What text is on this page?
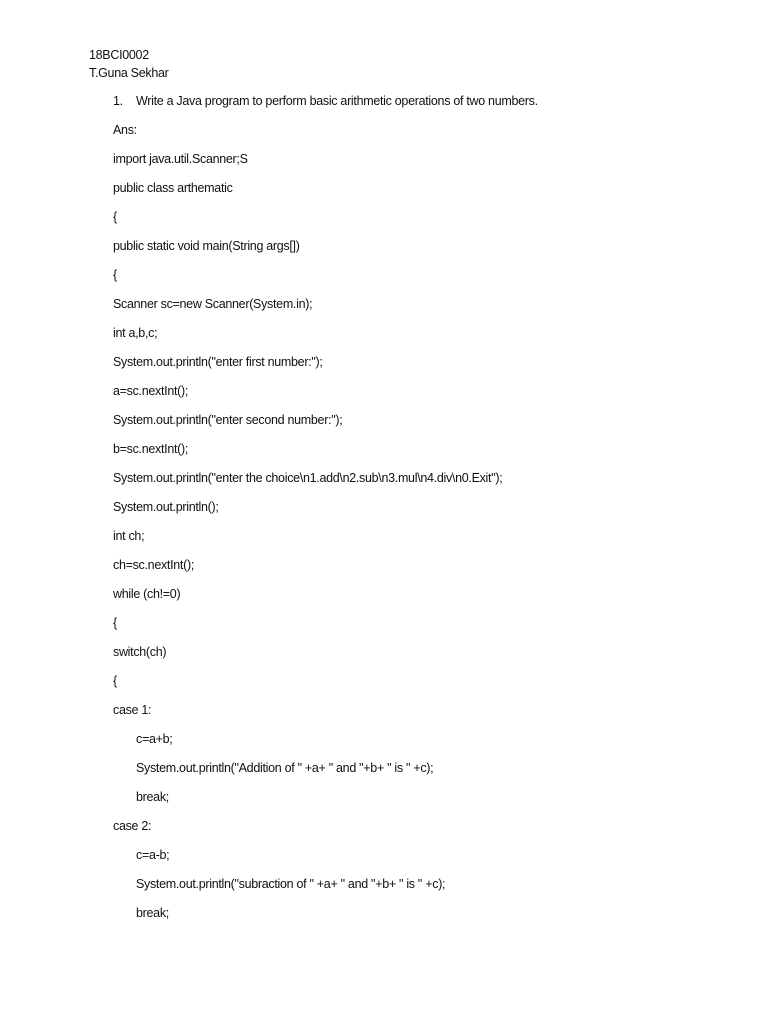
18BCI0002
T.Guna Sekhar
1. Write a Java program to perform basic arithmetic operations of two numbers.
Ans:
import java.util.Scanner;S
public class arthematic
{
public static void main(String args[])
{
Scanner sc=new Scanner(System.in);
int a,b,c;
System.out.println("enter first number:");
a=sc.nextInt();
System.out.println("enter second number:");
b=sc.nextInt();
System.out.println("enter the choice\n1.add\n2.sub\n3.mul\n4.div\n0.Exit");
System.out.println();
int ch;
ch=sc.nextInt();
while (ch!=0)
{
switch(ch)
{
case 1:
c=a+b;
System.out.println("Addition of " +a+ " and "+b+ " is " +c);
break;
case 2:
c=a-b;
System.out.println("subraction of " +a+ " and "+b+ " is " +c);
break;
